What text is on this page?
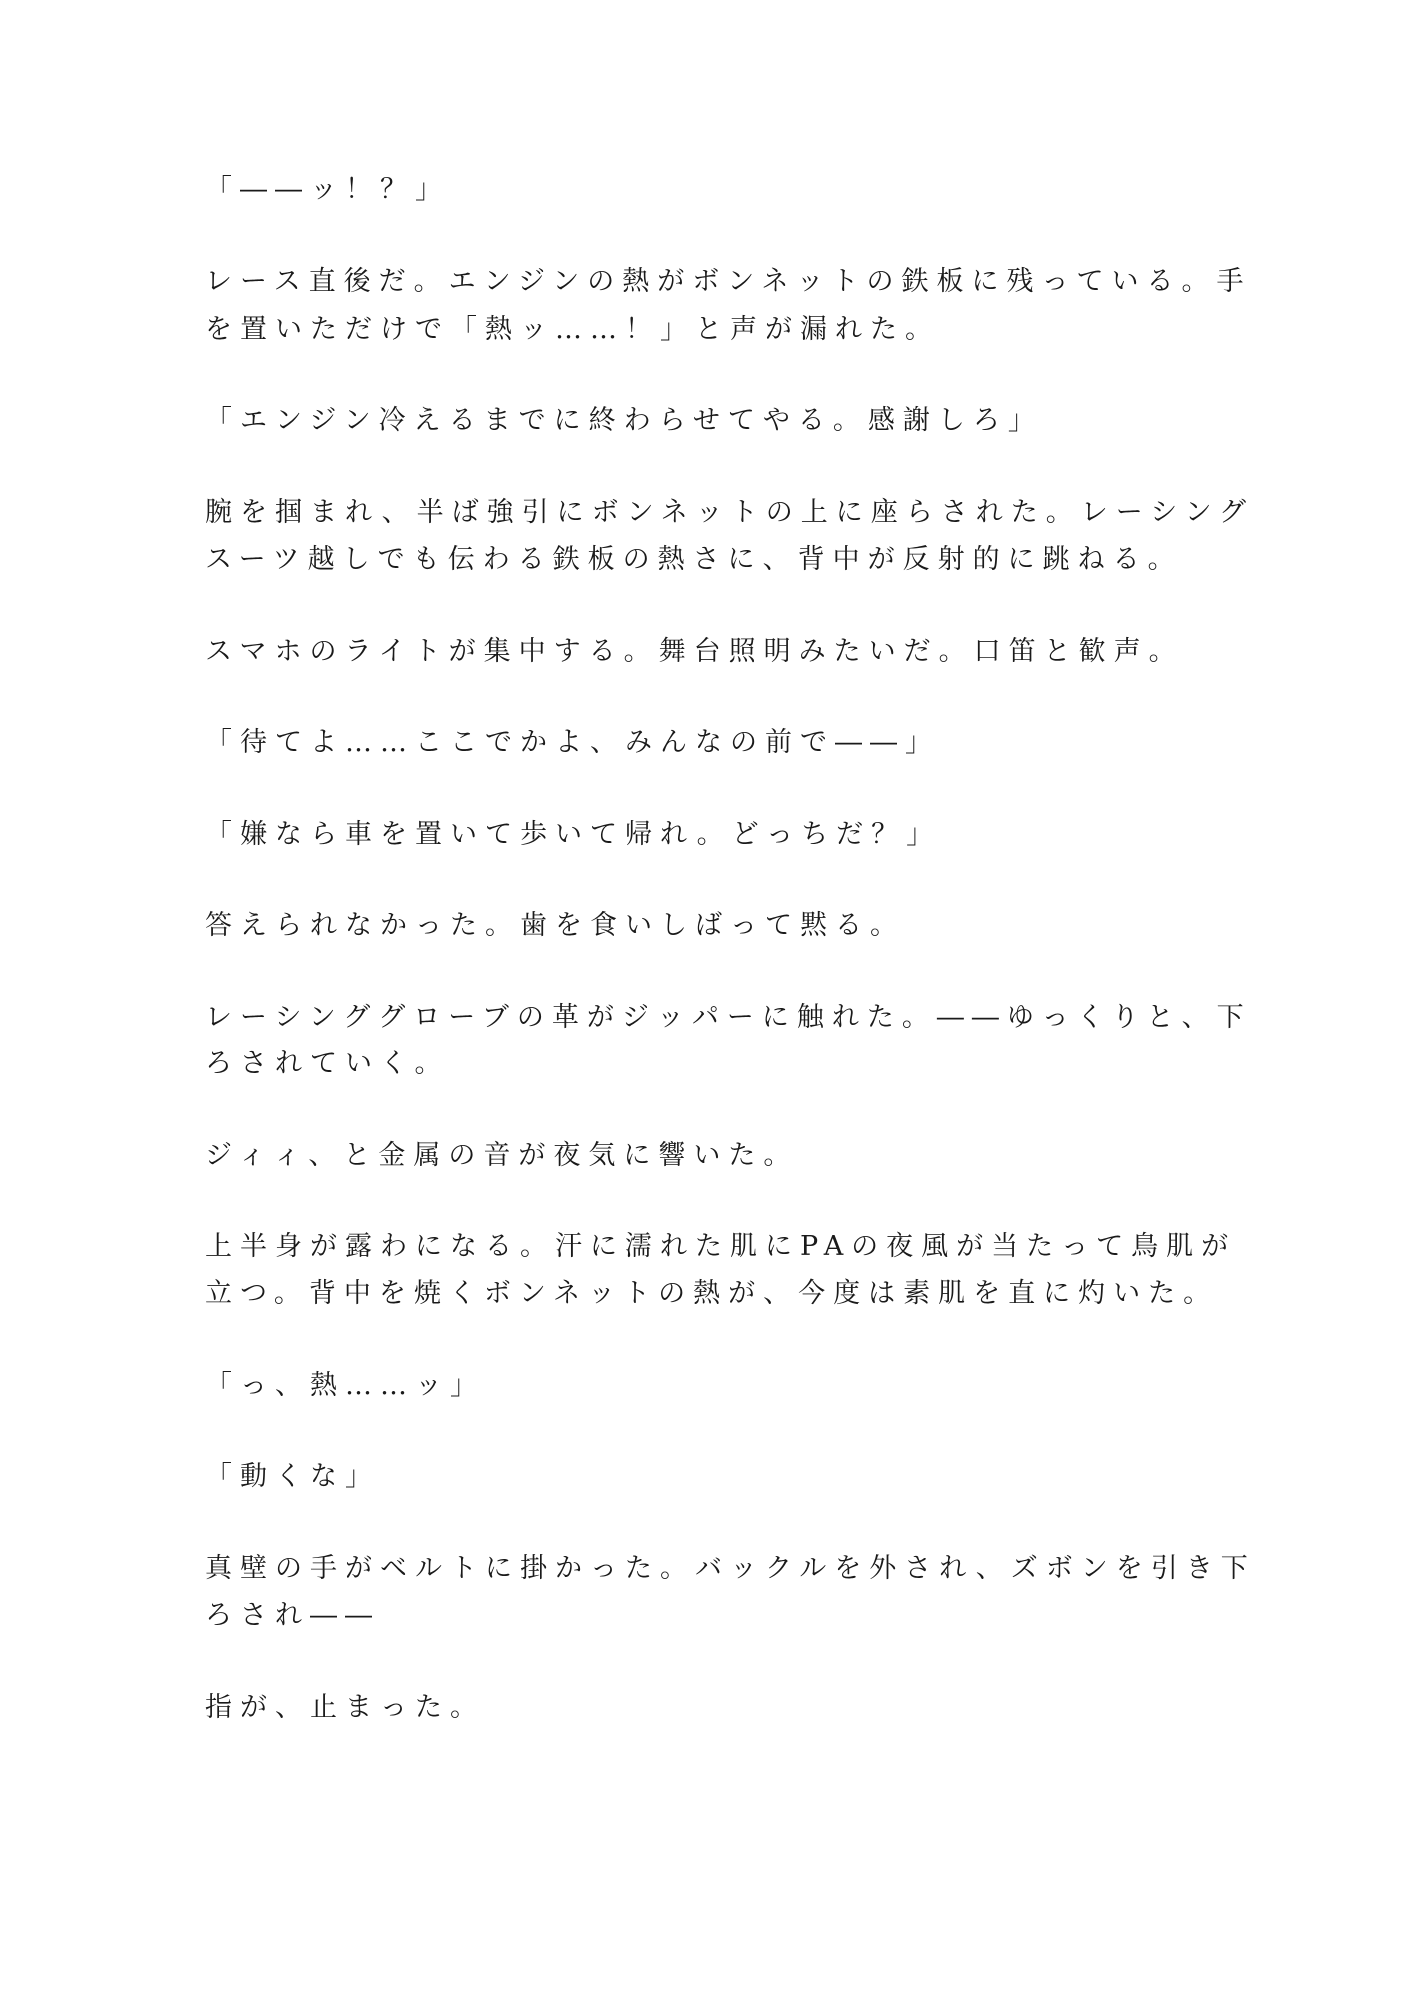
「――ッ！？」
レース直後だ。エンジンの熱がボンネットの鉄板に残っている。手
を置いただけで「熱ッ……！」と声が漏れた。
「エンジン冷えるまでに終わらせてやる。感謝しろ」
腕を掴まれ、半ば強引にボンネットの上に座らされた。レーシング
スーツ越しでも伝わる鉄板の熱さに、背中が反射的に跳ねる。
スマホのライトが集中する。舞台照明みたいだ。口笛と歓声。
「待てよ……ここでかよ、みんなの前で――」
「嫌なら車を置いて歩いて帰れ。どっちだ？」
答えられなかった。歯を食いしばって黙る。
レーシンググローブの革がジッパーに触れた。――ゆっくりと、下
ろされていく。
ジィィ、と金属の音が夜気に響いた。
上半身が露わになる。汗に濡れた肌にPAの夜風が当たって鳥肌が
立つ。背中を焼くボンネットの熱が、今度は素肌を直に灼いた。
「っ、熱……ッ」
「動くな」
真壁の手がベルトに掛かった。バックルを外され、ズボンを引き下
ろされ――
指が、止まった。
